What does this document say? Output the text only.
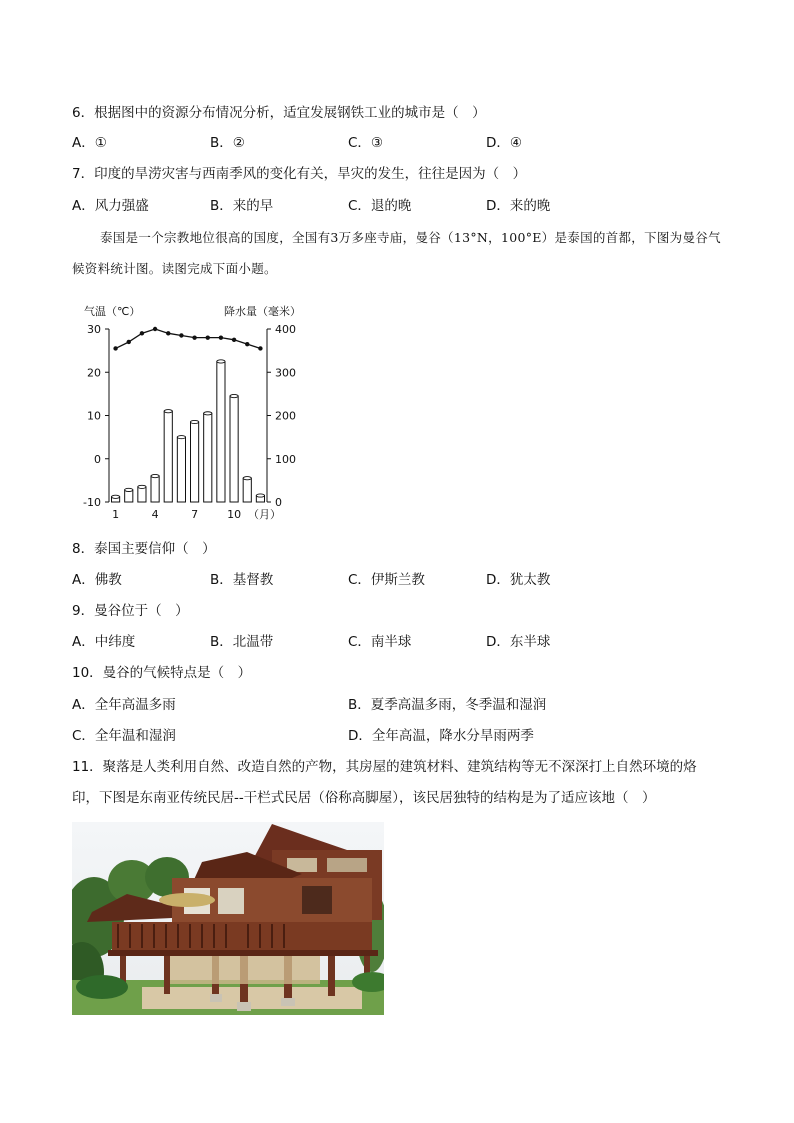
6．根据图中的资源分布情况分析，适宜发展钢铁工业的城市是（　）
A．①	B．②	C．③	D．④
7．印度的旱涝灾害与西南季风的变化有关，旱灾的发生，往往是因为（　）
A．风力强盛	B．来的早	C．退的晚	D．来的晚
泰国是一个宗教地位很高的国度，全国有3万多座寺庙，曼谷（13°N，100°E）是泰国的首都，下图为曼谷气候资料统计图。读图完成下面小题。
气温（℃）	降水量（毫米）
（月）
30
20
10
0
-10
400
300
200
100
0
1	4	7	10
8．泰国主要信仰（　）
A．佛教	B．基督教	C．伊斯兰教	D．犹太教
9．曼谷位于（　）
A．中纬度	B．北温带	C．南半球	D．东半球
10．曼谷的气候特点是（　）
A．全年高温多雨	B．夏季高温多雨，冬季温和湿润
C．全年温和湿润	D．全年高温，降水分旱雨两季
11．聚落是人类利用自然、改造自然的产物，其房屋的建筑材料、建筑结构等无不深深打上自然环境的烙印，下图是东南亚传统民居--干栏式民居（俗称高脚屋），该民居独特的结构是为了适应该地（　）
